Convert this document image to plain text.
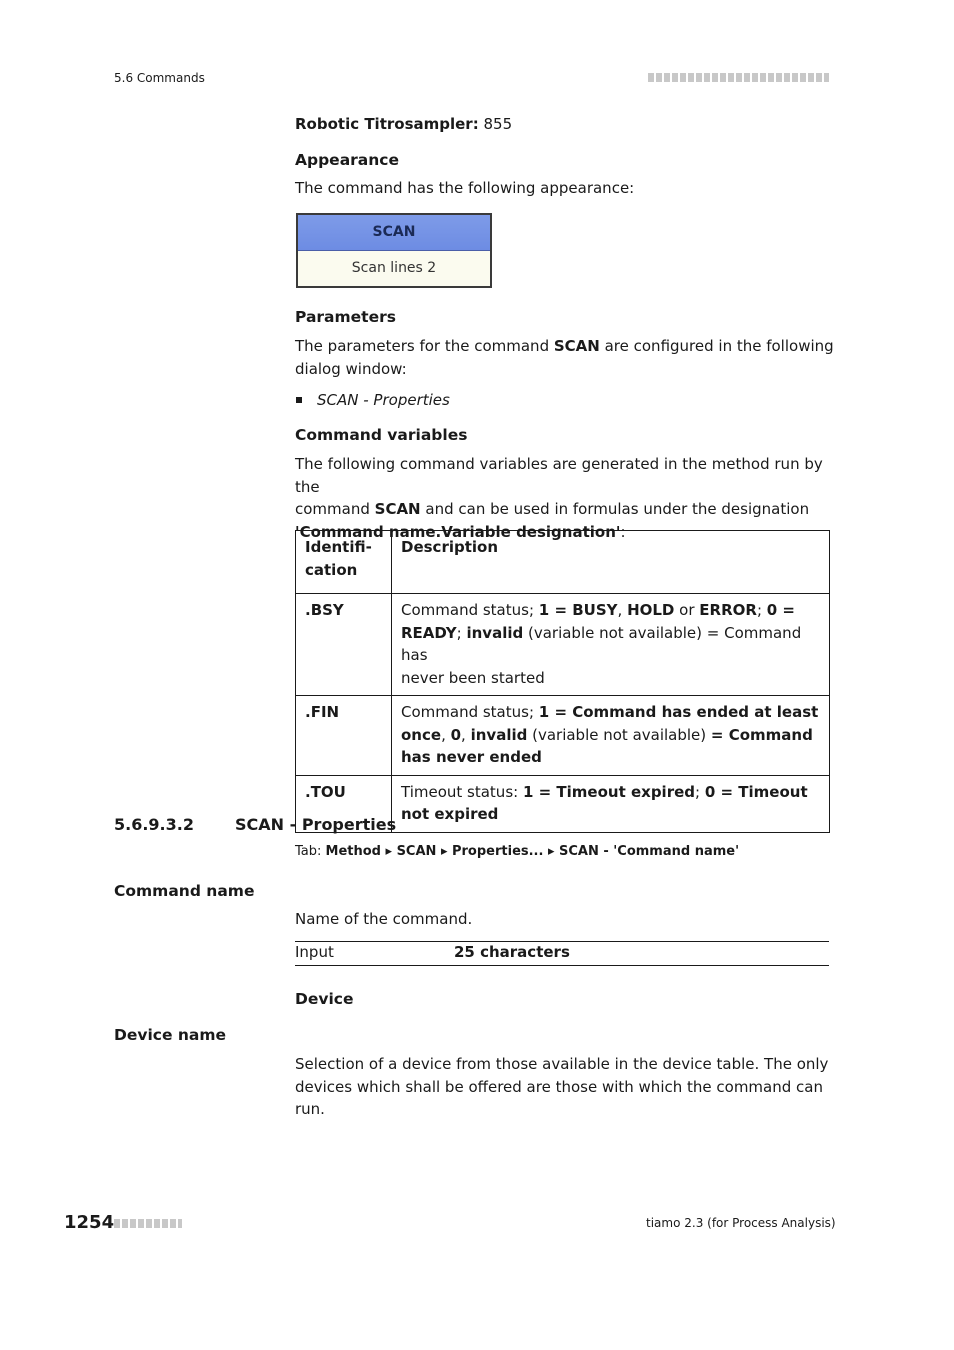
5.6 Commands
Robotic Titrosampler: 855
Appearance
The command has the following appearance:
SCAN
Scan lines 2
Parameters
The parameters for the command SCAN are configured in the following
dialog window:
SCAN - Properties
Command variables
The following command variables are generated in the method run by the
command SCAN and can be used in formulas under the designation
'Command name.Variable designation':
Identifi-
cation	Description
.BSY	Command status; 1 = BUSY, HOLD or ERROR; 0 =
READY; invalid (variable not available) = Command has
never been started
.FIN	Command status; 1 = Command has ended at least
once, 0, invalid (variable not available) = Command
has never ended
.TOU	Timeout status: 1 = Timeout expired; 0 = Timeout
not expired
5.6.9.3.2	SCAN - Properties
Tab: Method ▸ SCAN ▸ Properties... ▸ SCAN - 'Command name'
Command name
Name of the command.
Input	25 characters
Device
Device name
Selection of a device from those available in the device table. The only
devices which shall be offered are those with which the command can
run.
1254	tiamo 2.3 (for Process Analysis)
